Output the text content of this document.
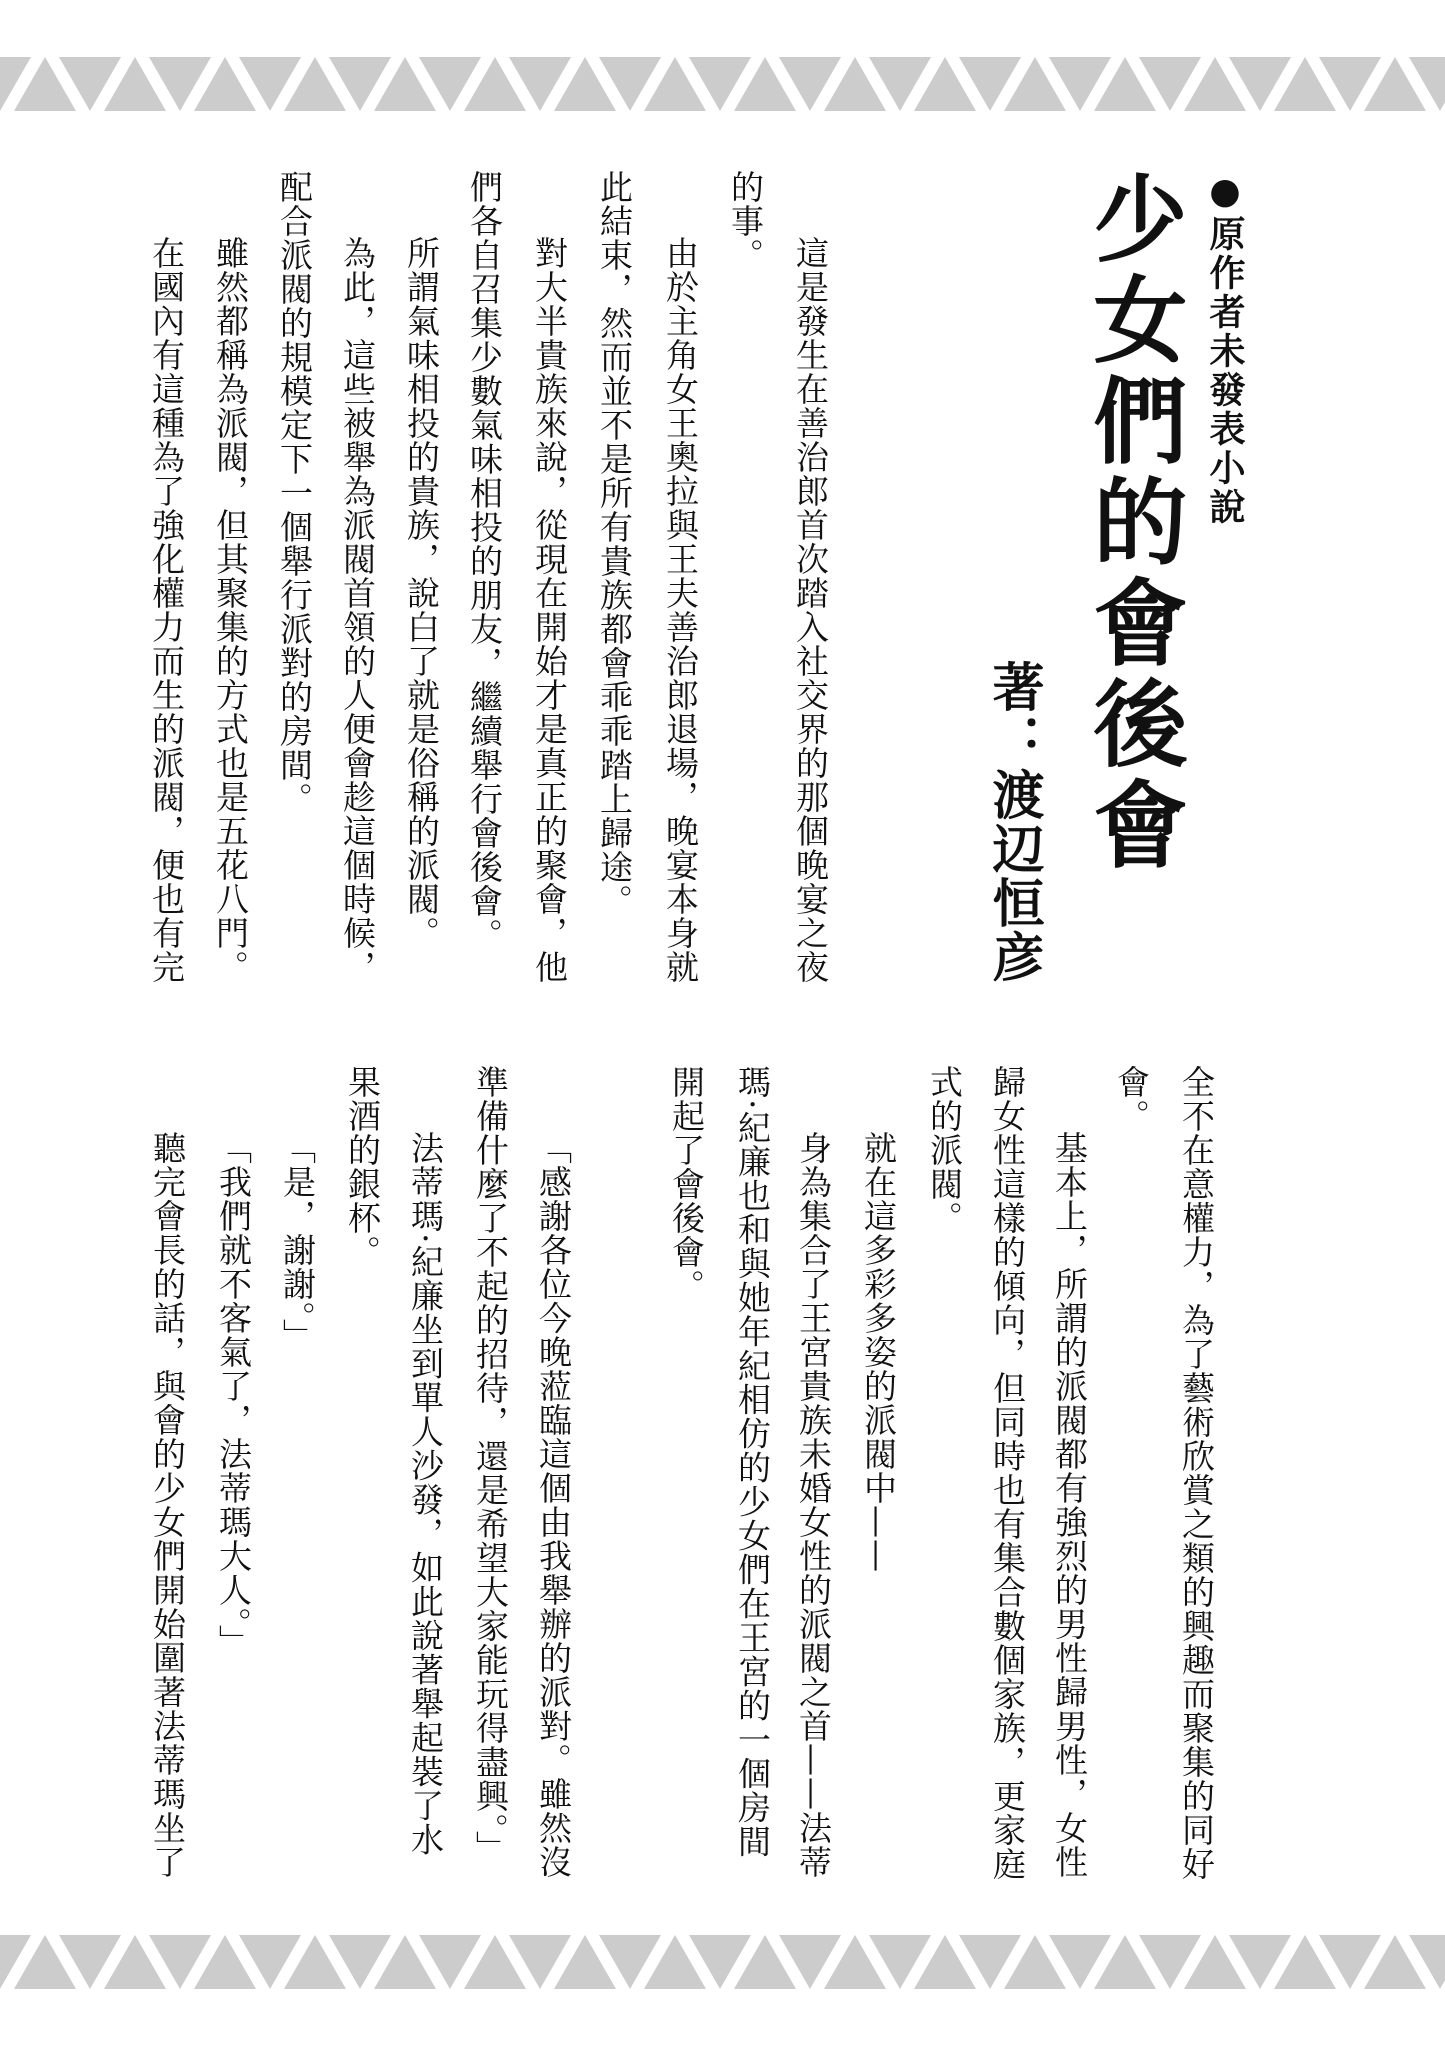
●原作者未發表小說
少女們的會後會
著：渡辺恒彦
這是發生在善治郎首次踏入社交界的那個晚宴之夜
的事。
由於主角女王奧拉與王夫善治郎退場，晚宴本身就
此結束，然而並不是所有貴族都會乖乖踏上歸途。
對大半貴族來說，從現在開始才是真正的聚會，他
們各自召集少數氣味相投的朋友，繼續舉行會後會。
所謂氣味相投的貴族，說白了就是俗稱的派閥。
為此，這些被舉為派閥首領的人便會趁這個時候，
配合派閥的規模定下一個舉行派對的房間。
雖然都稱為派閥，但其聚集的方式也是五花八門。
在國內有這種為了強化權力而生的派閥，便也有完
全不在意權力，為了藝術欣賞之類的興趣而聚集的同好
會。
基本上，所謂的派閥都有強烈的男性歸男性，女性
歸女性這樣的傾向，但同時也有集合數個家族，更家庭
式的派閥。
就在這多彩多姿的派閥中——
身為集合了王宮貴族未婚女性的派閥之首——法蒂
瑪·紀廉也和與她年紀相仿的少女們在王宮的一個房間
開起了會後會。
「感謝各位今晚蒞臨這個由我舉辦的派對。雖然沒
準備什麼了不起的招待，還是希望大家能玩得盡興。」
法蒂瑪·紀廉坐到單人沙發，如此說著舉起裝了水
果酒的銀杯。
「是，謝謝。」
「我們就不客氣了，法蒂瑪大人。」
聽完會長的話，與會的少女們開始圍著法蒂瑪坐了
